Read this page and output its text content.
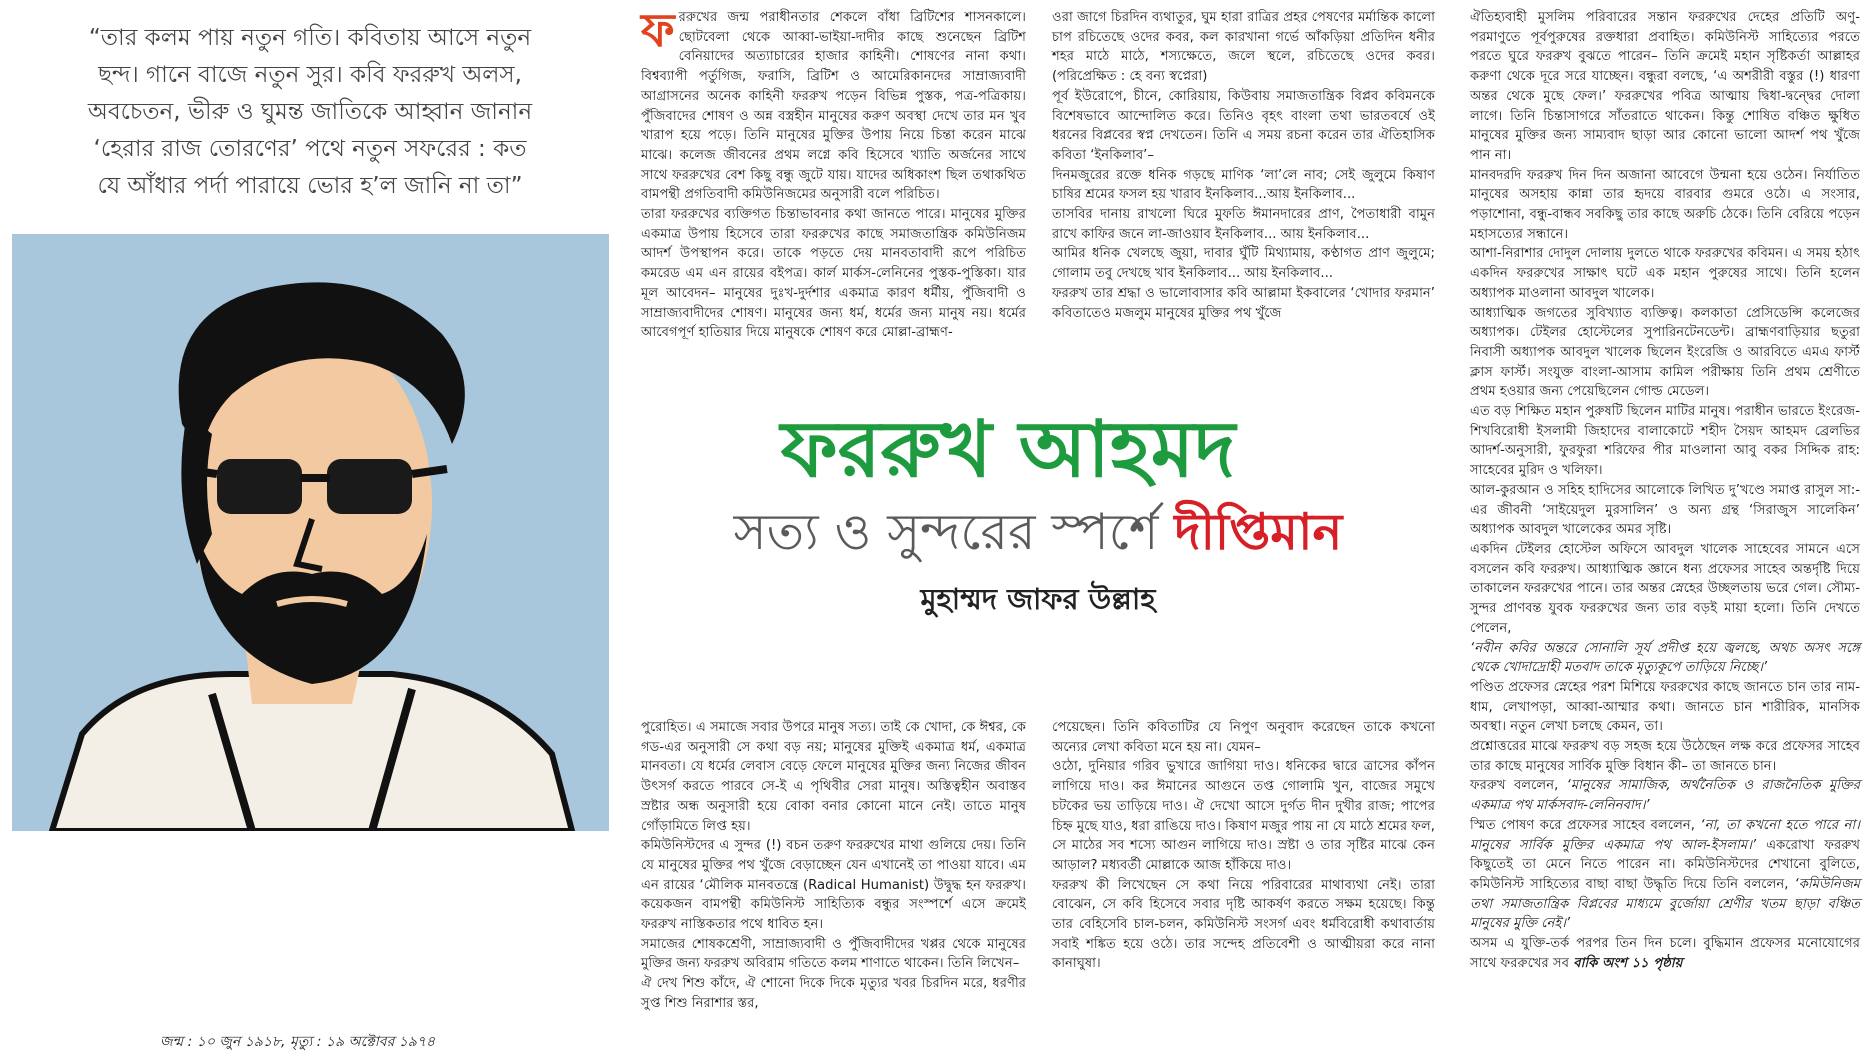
“তার কলম পায় নতুন গতি। কবিতায় আসে নতুন ছন্দ। গানে বাজে নতুন সুর। কবি ফররুখ অলস, অবচেতন, ভীরু ও ঘুমন্ত জাতিকে আহ্বান জানান ‘হেরার রাজ তোরণের’ পথে নতুন সফরের : কত যে আঁধার পর্দা পারায়ে ভোর হ’ল জানি না তা”
জন্ম : ১০ জুন ১৯১৮, মৃত্যু : ১৯ অক্টোবর ১৯৭৪

ফররুখের জন্ম পরাধীনতার শেকলে বাঁধা ব্রিটিশের শাসনকালে। ছোটবেলা থেকে আব্বা-ভাইয়া-দাদীর কাছে শুনেছেন ব্রিটিশ বেনিয়াদের অত্যাচারের হাজার কাহিনী। শোষণের নানা কথা। বিশ্বব্যাপী পর্তুগিজ, ফরাসি, ব্রিটিশ ও আমেরিকানদের সাম্রাজ্যবাদী আগ্রাসনের অনেক কাহিনী ফররুখ পড়েন বিভিন্ন পুস্তক, পত্র-পত্রিকায়। পুঁজিবাদের শোষণ ও অন্ন বস্ত্রহীন মানুষের করুণ অবস্থা দেখে তার মন খুব খারাপ হয়ে পড়ে। তিনি মানুষের মুক্তির উপায় নিয়ে চিন্তা করেন মাঝে মাঝে। কলেজ জীবনের প্রথম লগ্নে কবি হিসেবে খ্যাতি অর্জনের সাথে সাথে ফররুখের বেশ কিছু বন্ধু জুটে যায়। যাদের অধিকাংশ ছিল তথাকথিত বামপন্থী প্রগতিবাদী কমিউনিজমের অনুসারী বলে পরিচিত।

তারা ফররুখের ব্যক্তিগত চিন্তাভাবনার কথা জানতে পারে। মানুষের মুক্তির একমাত্র উপায় হিসেবে তারা ফররুখের কাছে সমাজতান্ত্রিক কমিউনিজম আদর্শ উপস্থাপন করে। তাকে পড়তে দেয় মানবতাবাদী রূপে পরিচিত কমরেড এম এন রায়ের বইপত্র। কার্ল মার্কস-লেনিনের পুস্তক-পুস্তিকা। যার মূল আবেদন– মানুষের দুঃখ-দুর্দশার একমাত্র কারণ ধর্মীয়, পুঁজিবাদী ও সাম্রাজ্যবাদীদের শোষণ। মানুষের জন্য ধর্ম, ধর্মের জন্য মানুষ নয়। ধর্মের আবেগপূর্ণ হাতিয়ার দিয়ে মানুষকে শোষণ করে মোল্লা-ব্রাহ্মণ-

ওরা জাগে চিরদিন ব্যথাতুর, ঘুম হারা রাত্রির প্রহর পেষণের মর্মান্তিক কালো চাপ রচিতেছে ওদের কবর, কল কারখানা গর্ভে আঁকড়িয়া প্রতিদিন ধনীর শহর মাঠে মাঠে, শস্যক্ষেতে, জলে স্থলে, রচিতেছে ওদের কবর। (পরিপ্রেক্ষিত : হে বন্য স্বপ্নেরা)

পূর্ব ইউরোপে, চীনে, কোরিয়ায়, কিউবায় সমাজতান্ত্রিক বিপ্লব কবিমনকে বিশেষভাবে আন্দোলিত করে। তিনিও বৃহৎ বাংলা তথা ভারতবর্ষে ওই ধরনের বিপ্লবের স্বপ্ন দেখতেন। তিনি এ সময় রচনা করেন তার ঐতিহাসিক কবিতা ‘ইনকিলাব’–

দিনমজুরের রক্তে ধনিক গড়ছে মাণিক ‘লা’লে নাব; সেই জুলুমে কিষাণ চাষির শ্রমের ফসল হয় খারাব ইনকিলাব...আয় ইনকিলাব...

তাসবির দানায় রাখলো ঘিরে মুফতি ঈমানদারের প্রাণ, পৈতাধারী বামুন রাখে কাফির জনে লা-জাওয়াব ইনকিলাব... আয় ইনকিলাব...

আমির ধনিক খেলছে জুয়া, দাবার ঘুঁটি মিথ্যামায়, কণ্ঠাগত প্রাণ জুলুমে; গোলাম তবু দেখছে খাব ইনকিলাব... আয় ইনকিলাব...

ফররুখ তার শ্রদ্ধা ও ভালোবাসার কবি আল্লামা ইকবালের ‘খোদার ফরমান’ কবিতাতেও মজলুম মানুষের মুক্তির পথ খুঁজে

ঐতিহ্যবাহী মুসলিম পরিবারের সন্তান ফররুখের দেহের প্রতিটি অণু-পরমাণুতে পূর্বপুরুষের রক্তধারা প্রবাহিত। কমিউনিস্ট সাহিত্যের পরতে পরতে ঘুরে ফররুখ বুঝতে পারেন– তিনি ক্রমেই মহান সৃষ্টিকর্তা আল্লাহর করুণা থেকে দূরে সরে যাচ্ছেন। বন্ধুরা বলছে, ‘এ অশরীরী বস্তুর (!) ধারণা অন্তর থেকে মুছে ফেল।’ ফররুখের পবিত্র আত্মায় দ্বিধা-দ্বন্দ্বের দোলা লাগে। তিনি চিন্তাসাগরে সাঁতরাতে থাকেন। কিন্তু শোষিত বঞ্চিত ক্ষুধিত মানুষের মুক্তির জন্য সাম্যবাদ ছাড়া আর কোনো ভালো আদর্শ পথ খুঁজে পান না।

মানবদরদি ফররুখ দিন দিন অজানা আবেগে উন্মনা হয়ে ওঠেন। নির্যাতিত মানুষের অসহায় কান্না তার হৃদয়ে বারবার গুমরে ওঠে। এ সংসার, পড়াশোনা, বন্ধু-বান্ধব সবকিছু তার কাছে অরুচি ঠেকে। তিনি বেরিয়ে পড়েন মহাসত্যের সন্ধানে।

আশা-নিরাশার দোদুল দোলায় দুলতে থাকে ফররুখের কবিমন। এ সময় হঠাৎ একদিন ফররুখের সাক্ষাৎ ঘটে এক মহান পুরুষের সাথে। তিনি হলেন অধ্যাপক মাওলানা আবদুল খালেক।

আধ্যাত্মিক জগতের সুবিখ্যাত ব্যক্তিত্ব। কলকাতা প্রেসিডেন্সি কলেজের অধ্যাপক। টেইলর হোস্টেলের সুপারিনটেনডেন্ট। ব্রাহ্মণবাড়িয়ার ছতুরা নিবাসী অধ্যাপক আবদুল খালেক ছিলেন ইংরেজি ও আরবিতে এমএ ফার্স্ট ক্লাস ফার্স্ট। সংযুক্ত বাংলা-আসাম কামিল পরীক্ষায় তিনি প্রথম শ্রেণীতে প্রথম হওয়ার জন্য পেয়েছিলেন গোল্ড মেডেল।

এত বড় শিক্ষিত মহান পুরুষটি ছিলেন মাটির মানুষ। পরাধীন ভারতে ইংরেজ-শিখবিরোধী ইসলামী জিহাদের বালাকোটে শহীদ সৈয়দ আহমদ ব্রেলভির আদর্শ-অনুসারী, ফুরফুরা শরিফের পীর মাওলানা আবু বকর সিদ্দিক রাহ: সাহেবের মুরিদ ও খলিফা।

আল-কুরআন ও সহিহ হাদিসের আলোকে লিখিত দু’খণ্ডে সমাপ্ত রাসুল সা:-এর জীবনী ‘সাইয়েদুল মুরসালিন’ ও অন্য গ্রন্থ ‘সিরাজুস সালেকিন’ অধ্যাপক আবদুল খালেকের অমর সৃষ্টি।

একদিন টেইলর হোস্টেল অফিসে আবদুল খালেক সাহেবের সামনে এসে বসলেন কবি ফররুখ। আধ্যাত্মিক জ্ঞানে ধন্য প্রফেসর সাহেব অন্তর্দৃষ্টি দিয়ে তাকালেন ফররুখের পানে। তার অন্তর স্নেহের উচ্ছলতায় ভরে গেল। সৌম্য-সুন্দর প্রাণবন্ত যুবক ফররুখের জন্য তার বড়ই মায়া হলো। তিনি দেখতে পেলেন,

‘নবীন কবির অন্তরে সোনালি সূর্য প্রদীপ্ত হয়ে জ্বলছে, অথচ অসৎ সঙ্গে থেকে খোদাদ্রোহী মতবাদ তাকে মৃত্যুকূপে তাড়িয়ে নিচ্ছে।’

পণ্ডিত প্রফেসর স্নেহের পরশ মিশিয়ে ফররুখের কাছে জানতে চান তার নাম-ধাম, লেখাপড়া, আব্বা-আম্মার কথা। জানতে চান শারীরিক, মানসিক অবস্থা। নতুন লেখা চলছে কেমন, তা।

প্রশ্নোত্তরের মাঝে ফররুখ বড় সহজ হয়ে উঠেছেন লক্ষ করে প্রফেসর সাহেব তার কাছে মানুষের সার্বিক মুক্তি বিধান কী– তা জানতে চান।

ফররুখ বললেন, ‘মানুষের সামাজিক, অর্থনৈতিক ও রাজনৈতিক মুক্তির একমাত্র পথ মার্কসবাদ-লেনিনবাদ।’

স্মিত পোষণ করে প্রফেসর সাহেব বললেন, ‘না, তা কখনো হতে পারে না। মানুষের সার্বিক মুক্তির একমাত্র পথ আল-ইসলাম।’ একরোখা ফররুখ কিছুতেই তা মেনে নিতে পারেন না। কমিউনিস্টদের শেখানো বুলিতে, কমিউনিস্ট সাহিত্যের বাছা বাছা উদ্ধৃতি দিয়ে তিনি বললেন, ‘কমিউনিজম তথা সমাজতান্ত্রিক বিপ্লবের মাধ্যমে বুর্জোয়া শ্রেণীর খতম ছাড়া বঞ্চিত মানুষের মুক্তি নেই।’

অসম এ যুক্তি-তর্ক পরপর তিন দিন চলে। বুদ্ধিমান প্রফেসর মনোযোগের সাথে ফররুখের সব বাকি অংশ ১১ পৃষ্ঠায়

ফররুখ আহমদ
সত্য ও সুন্দরের স্পর্শে দীপ্তিমান
মুহাম্মদ জাফর উল্লাহ

পুরোহিত। এ সমাজে সবার উপরে মানুষ সত্য। তাই কে খোদা, কে ঈশ্বর, কে গড-এর অনুসারী সে কথা বড় নয়; মানুষের মুক্তিই একমাত্র ধর্ম, একমাত্র মানবতা। যে ধর্মের লেবাস বেড়ে ফেলে মানুষের মুক্তির জন্য নিজের জীবন উৎসর্গ করতে পারবে সে-ই এ পৃথিবীর সেরা মানুষ। অস্তিত্বহীন অবাস্তব স্রষ্টার অন্ধ অনুসারী হয়ে বোকা বনার কোনো মানে নেই। তাতে মানুষ গোঁড়ামিতে লিপ্ত হয়।

কমিউনিস্টদের এ সুন্দর (!) বচন তরুণ ফররুখের মাথা গুলিয়ে দেয়। তিনি যে মানুষের মুক্তির পথ খুঁজে বেড়াচ্ছেন যেন এখানেই তা পাওয়া যাবে। এম এন রায়ের ‘মৌলিক মানবতন্ত্রে (Radical Humanist) উদ্বুদ্ধ হন ফররুখ। কয়েকজন বামপন্থী কমিউনিস্ট সাহিত্যিক বন্ধুর সংস্পর্শে এসে ক্রমেই ফররুখ নাস্তিকতার পথে ধাবিত হন।

সমাজের শোষকশ্রেণী, সাম্রাজ্যবাদী ও পুঁজিবাদীদের খপ্পর থেকে মানুষের মুক্তির জন্য ফররুখ অবিরাম গতিতে কলম শাণাতে থাকেন। তিনি লিখেন–

ঐ দেখ শিশু কাঁদে, ঐ শোনো দিকে দিকে মৃত্যুর খবর চিরদিন মরে, ধরণীর সুপ্ত শিশু নিরাশার স্তর,

পেয়েছেন। তিনি কবিতাটির যে নিপুণ অনুবাদ করেছেন তাকে কখনো অন্যের লেখা কবিতা মনে হয় না। যেমন–

ওঠো, দুনিয়ার গরিব ভুখারে জাগিয়া দাও। ধনিকের দ্বারে ত্রাসের কাঁপন লাগিয়ে দাও। কর ঈমানের আগুনে তপ্ত গোলামি খুন, বাজের সমুখে চটকের ভয় তাড়িয়ে দাও। ঐ দেখো আসে দুর্গত দীন দুখীর রাজ; পাপের চিহ্ন মুছে যাও, ধরা রাঙিয়ে দাও। কিষাণ মজুর পায় না যে মাঠে শ্রমের ফল, সে মাঠের সব শস্যে আগুন লাগিয়ে দাও। স্রষ্টা ও তার সৃষ্টির মাঝে কেন আড়াল? মধ্যবর্তী মোল্লাকে আজ হাঁকিয়ে দাও।

ফররুখ কী লিখেছেন সে কথা নিয়ে পরিবারের মাথাব্যথা নেই। তারা বোঝেন, সে কবি হিসেবে সবার দৃষ্টি আকর্ষণ করতে সক্ষম হয়েছে। কিন্তু তার বেহিসেবি চাল-চলন, কমিউনিস্ট সংসর্গ এবং ধর্মবিরোধী কথাবার্তায় সবাই শঙ্কিত হয়ে ওঠে। তার সন্দেহ প্রতিবেশী ও আত্মীয়রা করে নানা কানাঘুষা।
